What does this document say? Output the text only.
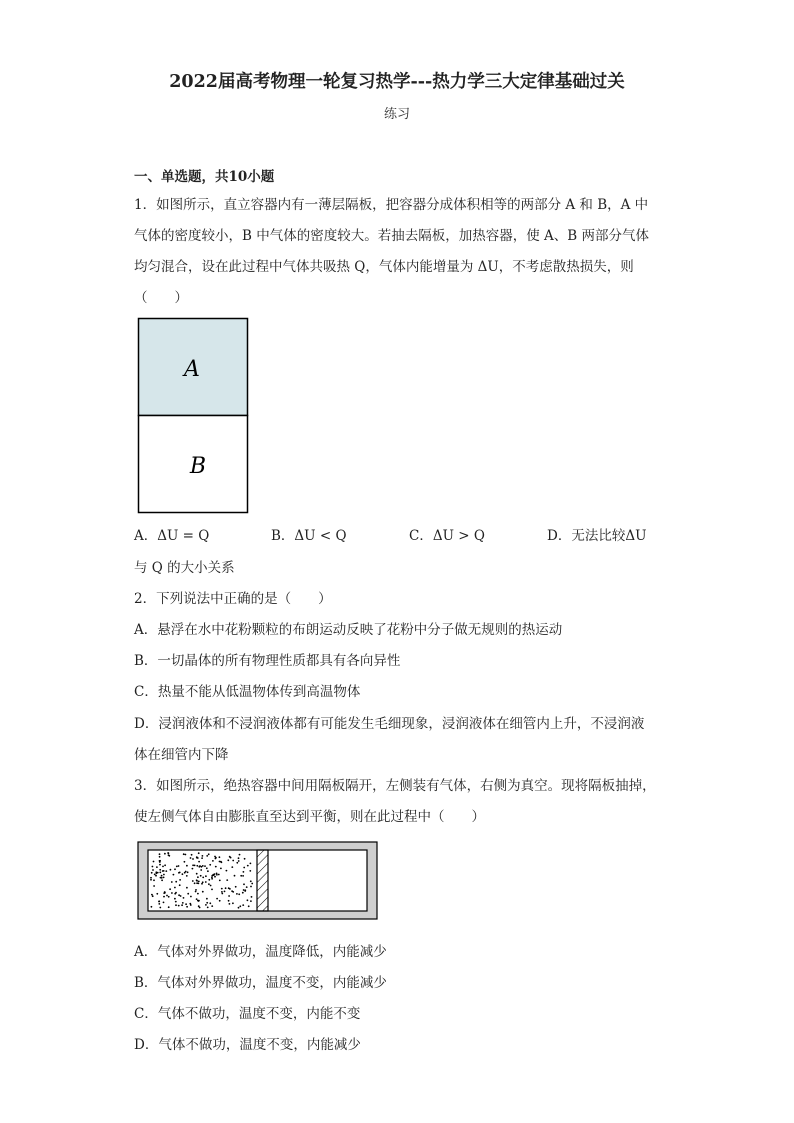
2022届高考物理一轮复习热学---热力学三大定律基础过关
练习
一、单选题，共10小题
1．如图所示，直立容器内有一薄层隔板，把容器分成体积相等的两部分 A 和 B，A 中
气体的密度较小，B 中气体的密度较大。若抽去隔板，加热容器，使 A、B 两部分气体
均匀混合，设在此过程中气体共吸热 Q，气体内能增量为 ΔU，不考虑散热损失，则
（　　）
A
B
A．ΔU = Q	B．ΔU < Q	C．ΔU > Q	D．无法比较ΔU
与 Q 的大小关系
2．下列说法中正确的是（　　）
A．悬浮在水中花粉颗粒的布朗运动反映了花粉中分子做无规则的热运动
B．一切晶体的所有物理性质都具有各向异性
C．热量不能从低温物体传到高温物体
D．浸润液体和不浸润液体都有可能发生毛细现象，浸润液体在细管内上升，不浸润液
体在细管内下降
3．如图所示，绝热容器中间用隔板隔开，左侧装有气体，右侧为真空。现将隔板抽掉，
使左侧气体自由膨胀直至达到平衡，则在此过程中（　　）
A．气体对外界做功，温度降低，内能减少
B．气体对外界做功，温度不变，内能减少
C．气体不做功，温度不变，内能不变
D．气体不做功，温度不变，内能减少
